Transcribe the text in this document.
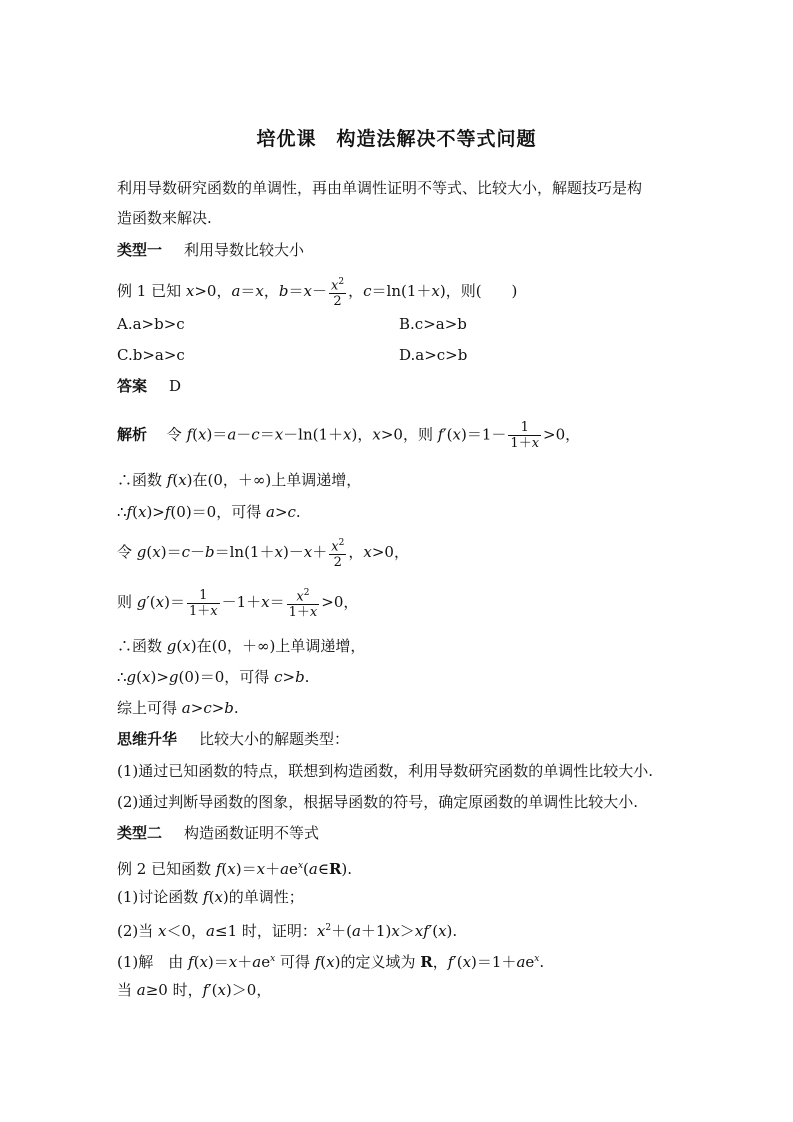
培优课　构造法解决不等式问题
利用导数研究函数的单调性，再由单调性证明不等式、比较大小，解题技巧是构
造函数来解决.
类型一 利用导数比较大小
例 1 已知 x>0，a＝x，$b=x- \frac{x^2}{2}$ ，c＝ln(1＋x)，则(　　)
A.a>b>c	B.c>a>b
C.b>a>c	D.a>c>b
答案 D
解析 　令 f(x)＝a－c＝x－ln(1＋x)，x>0，则 $f'(x)=1- \frac{1}{1+x} >0$，
∴函数 f(x)在(0，＋∞)上单调递增，
∴f(x)>f(0)＝0，可得 a>c.
令 $g(x)=c-b=\ln(1+x)-x+ \frac{x^2}{2}$ ，x>0，
则 $g'(x)= \frac{1}{1+x} -1+x= \frac{x^2}{1+x} >0$，
∴函数 g(x)在(0，＋∞)上单调递增，
∴g(x)>g(0)＝0，可得 c>b.
综上可得 a>c>b.
思维升华 比较大小的解题类型：
(1)通过已知函数的特点，联想到构造函数，利用导数研究函数的单调性比较大小.
(2)通过判断导函数的图象，根据导函数的符号，确定原函数的单调性比较大小.
类型二 构造函数证明不等式
例 2 已知函数 $f(x)=x+ae^x(a\in R)$.
(1)讨论函数 f(x)的单调性；
(2)当 x＜0，a≤1 时，证明：$x^2+(a+1)x>xf'(x)$.
(1)解　由 $f(x)=x+ae^x$ 可得 f(x)的定义域为 R，$f'(x)=1+ae^x$.
当 a≥0 时，f′(x)＞0，
